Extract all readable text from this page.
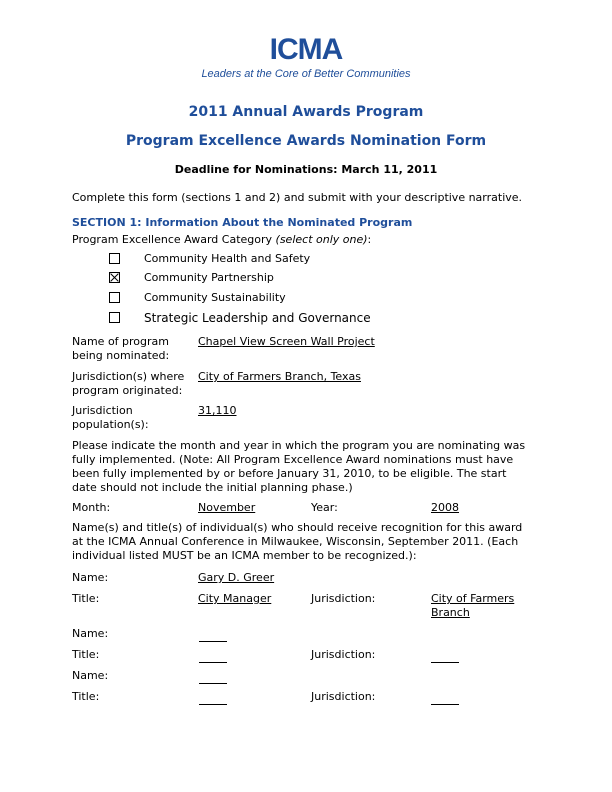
ICMA
Leaders at the Core of Better Communities
2011 Annual Awards Program
Program Excellence Awards Nomination Form
Deadline for Nominations: March 11, 2011
Complete this form (sections 1 and 2) and submit with your descriptive narrative.
SECTION 1: Information About the Nominated Program
Program Excellence Award Category (select only one):
Community Health and Safety
Community Partnership
Community Sustainability
Strategic Leadership and Governance
Name of program
being nominated:
Chapel View Screen Wall Project
Jurisdiction(s) where
program originated:
City of Farmers Branch, Texas
Jurisdiction
population(s):
31,110
Please indicate the month and year in which the program you are nominating was
fully implemented. (Note: All Program Excellence Award nominations must have
been fully implemented by or before January 31, 2010, to be eligible. The start
date should not include the initial planning phase.)
Month:	November	Year:	2008
Name(s) and title(s) of individual(s) who should receive recognition for this award
at the ICMA Annual Conference in Milwaukee, Wisconsin, September 2011. (Each
individual listed MUST be an ICMA member to be recognized.):
Name:	Gary D. Greer
Title:	City Manager	Jurisdiction:	City of Farmers
Branch
Name:
Title:	Jurisdiction:
Name:
Title:	Jurisdiction:
